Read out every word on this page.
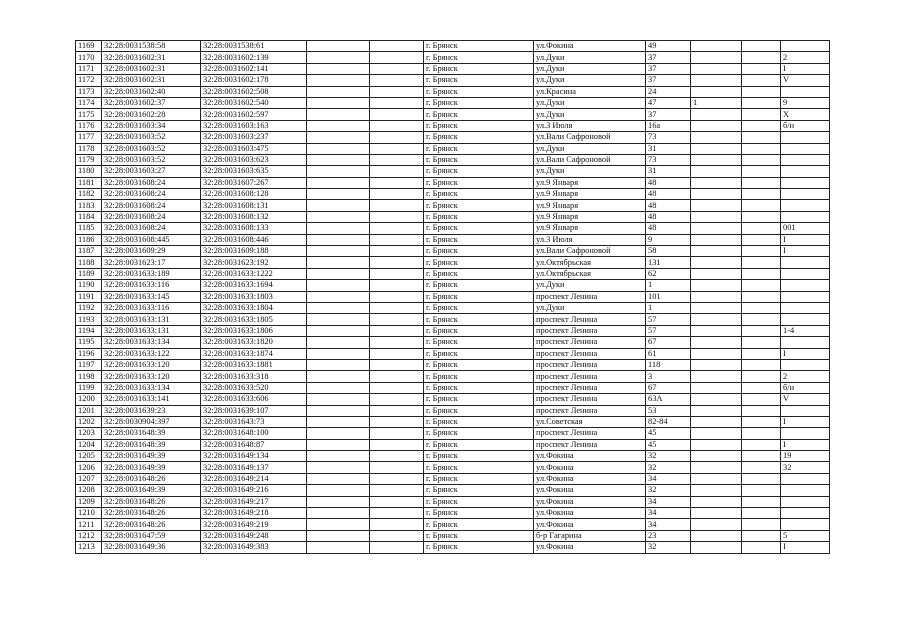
1169	32:28:0031538:58	32:28:0031538:61			г. Брянск	ул.Фокина	49			
1170	32:28:0031602:31	32:28:0031602:139			г. Брянск	ул.Дуки	37			2
1171	32:28:0031602:31	32:28:0031602:141			г. Брянск	ул.Дуки	37			I
1172	32:28:0031602:31	32:28:0031602:178			г. Брянск	ул.Дуки	37			V
1173	32:28:0031602:40	32:28:0031602:508			г. Брянск	ул.Красина	24			
1174	32:28:0031602:37	32:28:0031602:540			г. Брянск	ул.Дуки	47	1		9
1175	32:28:0031602:28	32:28:0031602:597			г. Брянск	ул.Дуки	37			X
1176	32:28:0031603:34	32:28:0031603:163			г. Брянск	ул.3 Июля	16а			б/н
1177	32:28:0031603:52	32:28:0031603:237			г. Брянск	ул.Вали Сафроновой	73			
1178	32:28:0031603:52	32:28:0031603:475			г. Брянск	ул.Дуки	31			
1179	32:28:0031603:52	32:28:0031603:623			г. Брянск	ул.Вали Сафроновой	73			
1180	32:28:0031603:27	32:28:0031603:635			г. Брянск	ул.Дуки	31			
1181	32:28:0031608:24	32:28:0031607:267			г. Брянск	ул.9 Января	48			
1182	32:28:0031608:24	32:28:0031608:128			г. Брянск	ул.9 Января	48			
1183	32:28:0031608:24	32:28:0031608:131			г. Брянск	ул.9 Января	48			
1184	32:28:0031608:24	32:28:0031608:132			г. Брянск	ул.9 Января	48			
1185	32:28:0031608:24	32:28:0031608:133			г. Брянск	ул.9 Января	48			001
1186	32:28:0031608:445	32:28:0031608:446			г. Брянск	ул.3 Июля	9			I
1187	32:28:0031609:29	32:28:0031609:188			г. Брянск	ул.Вали Сафроновой	58			I
1188	32:28:0031623:17	32:28:0031623:192			г. Брянск	ул.Октябрьская	131			
1189	32:28:0031633:189	32:28:0031633:1222			г. Брянск	ул.Октябрьская	62			
1190	32:28:0031633:116	32:28:0031633:1694			г. Брянск	ул.Дуки	1			
1191	32:28:0031633:145	32:28:0031633:1803			г. Брянск	проспект Ленина	101			
1192	32:28:0031633:116	32:28:0031633:1804			г. Брянск	ул.Дуки	1			
1193	32:28:0031633:131	32:28:0031633:1805			г. Брянск	проспект Ленина	57			
1194	32:28:0031633:131	32:28:0031633:1806			г. Брянск	проспект Ленина	57			1-4
1195	32:28:0031633:134	32:28:0031633:1820			г. Брянск	проспект Ленина	67			
1196	32:28:0031633:122	32:28:0031633:1874			г. Брянск	проспект Ленина	61			I
1197	32:28:0031633:120	32:28:0031633:1881			г. Брянск	проспект Ленина	118			
1198	32:28:0031633:120	32:28:0031633:318			г. Брянск	проспект Ленина	3			2
1199	32:28:0031633:134	32:28:0031633:520			г. Брянск	проспект Ленина	67			б/н
1200	32:28:0031633:141	32:28:0031633:606			г. Брянск	проспект Ленина	63А			V
1201	32:28:0031639:23	32:28:0031639:107			г. Брянск	проспект Ленина	53			
1202	32:28:0030904:397	32:28:0031643:73			г. Брянск	ул.Советская	82-84			I
1203	32:28:0031648:39	32:28:0031648:100			г. Брянск	проспект Ленина	45			
1204	32:28:0031648:39	32:28:0031648:87			г. Брянск	проспект Ленина	45			I
1205	32:28:0031649:39	32:28:0031649:134			г. Брянск	ул.Фокина	32			19
1206	32:28:0031649:39	32:28:0031649:137			г. Брянск	ул.Фокина	32			32
1207	32:28:0031648:26	32:28:0031649:214			г. Брянск	ул.Фокина	34			
1208	32:28:0031649:39	32:28:0031649:216			г. Брянск	ул.Фокина	32			
1209	32:28:0031648:26	32:28:0031649:217			г. Брянск	ул.Фокина	34			
1210	32:28:0031648:26	32:28:0031649:218			г. Брянск	ул.Фокина	34			
1211	32:28:0031648:26	32:28:0031649:219			г. Брянск	ул.Фокина	34			
1212	32:28:0031647:59	32:28:0031649:248			г. Брянск	б-р Гагарина	23			5
1213	32:28:0031649:36	32:28:0031649:383			г. Брянск	ул.Фокина	32			I
